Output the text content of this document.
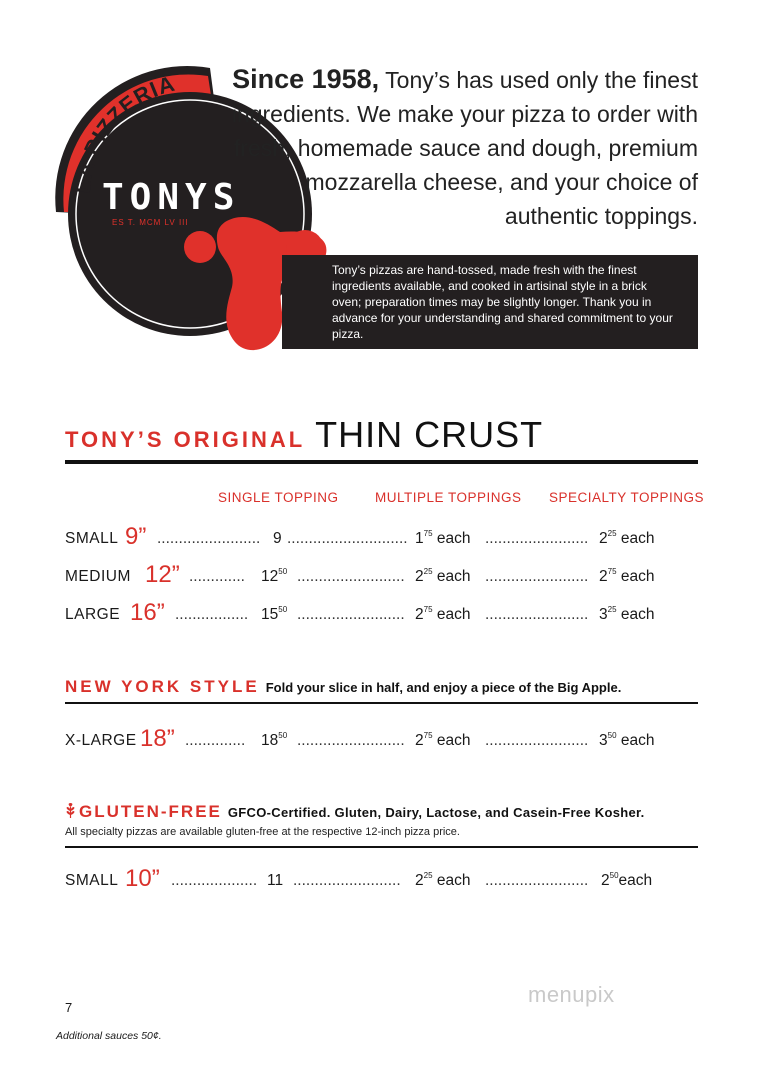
TONYS
ES T. MCM LV III
LA PIZZERIA Since 1958, Tony’s has used only the finest ingredients. We make your pizza to order with fresh, homemade sauce and dough, premium mozzarella cheese, and your choice of authentic toppings.

Tony’s pizzas are hand-tossed, made fresh with the finest ingredients available, and cooked in artisinal style in a brick oven; preparation times may be slightly longer. Thank you in advance for your understanding and shared commitment to your pizza.

TONY’S ORIGINAL THIN CRUST
SINGLE TOPPING	MULTIPLE TOPPINGS SPECIALTY TOPPINGS
SMALL 9” ........................ 9 ............................ $1^{75}$ each ........................ $2^{25}$ each
MEDIUM 12” ............. $12^{50}$ ......................... $2^{25}$ each ........................ $2^{75}$ each
LARGE 16” ................. $15^{50}$ ......................... $2^{75}$ each ........................ $3^{25}$ each
NEW YORK STYLE Fold your slice in half, and enjoy a piece of the Big Apple.
X-LARGE 18” .............. $18^{50}$ ......................... $2^{75}$ each ........................ $3^{50}$ each
GLUTEN-FREE GFCO-Certified. Gluten, Dairy, Lactose, and Casein-Free Kosher.
All specialty pizzas are available gluten-free at the respective 12-inch pizza price.
SMALL 10” .................... 11 ......................... $2^{25}$ each ........................ $2^{50}each$
menupix
7
Additional sauces 50¢.
